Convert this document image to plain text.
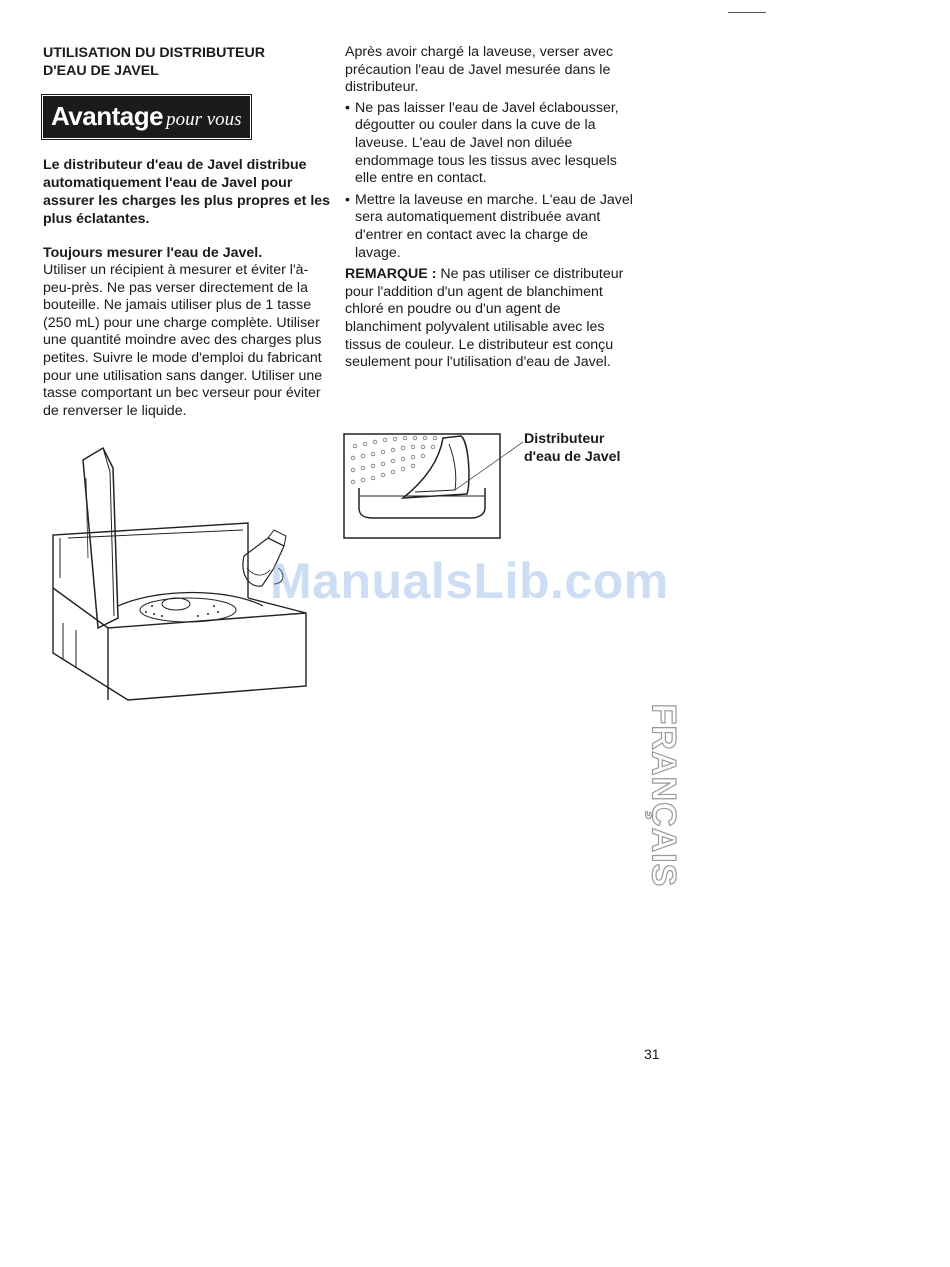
UTILISATION DU DISTRIBUTEUR
D'EAU DE JAVEL
Avantage pour vous

Le distributeur d'eau de Javel distribue automatiquement l'eau de Javel pour assurer les charges les plus propres et les plus éclatantes.

Toujours mesurer l'eau de Javel.

Utiliser un récipient à mesurer et éviter l'à-peu-près. Ne pas verser directement de la bouteille. Ne jamais utiliser plus de 1 tasse (250 mL) pour une charge complète. Utiliser une quantité moindre avec des charges plus petites. Suivre le mode d'emploi du fabricant pour une utilisation sans danger. Utiliser une tasse comportant un bec verseur pour éviter de renverser le liquide.

Après avoir chargé la laveuse, verser avec précaution l'eau de Javel mesurée dans le distributeur.

• Ne pas laisser l'eau de Javel éclabousser, dégoutter ou couler dans la cuve de la laveuse. L'eau de Javel non diluée endommage tous les tissus avec lesquels elle entre en contact.
• Mettre la laveuse en marche. L'eau de Javel sera automatiquement distribuée avant d'entrer en contact avec la charge de lavage.

REMARQUE : Ne pas utiliser ce distributeur pour l'addition d'un agent de blanchiment chloré en poudre ou d'un agent de blanchiment polyvalent utilisable avec les tissus de couleur. Le distributeur est conçu seulement pour l'utilisation d'eau de Javel.

Distributeur
d'eau de Javel
ManualsLib.com
FRANÇAIS
31
